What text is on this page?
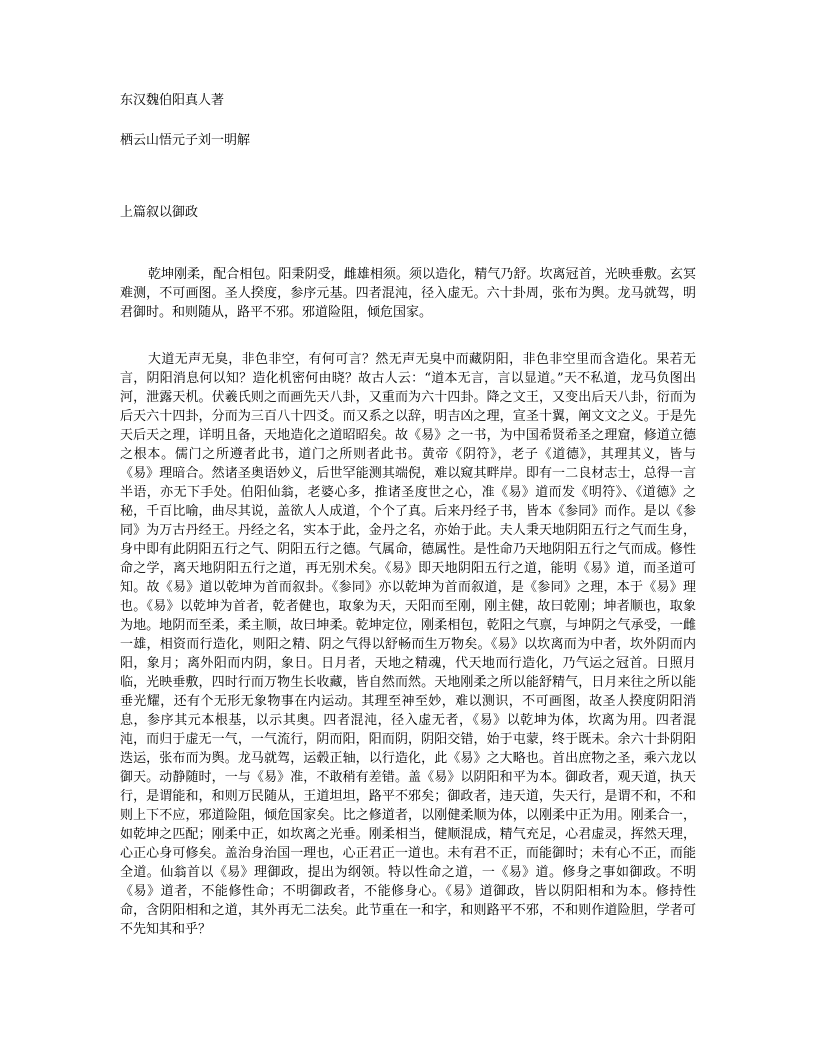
东汉魏伯阳真人著
栖云山悟元子刘一明解
上篇叙以御政

乾坤刚柔，配合相包。阳秉阴受，雌雄相须。须以造化，精气乃舒。坎离冠首，光映垂敷。玄冥难测，不可画图。圣人揆度，参序元基。四者混沌，径入虚无。六十卦周，张布为舆。龙马就驾，明君御时。和则随从，路平不邪。邪道险阻，倾危国家。

大道无声无臭，非色非空，有何可言？然无声无臭中而藏阴阳，非色非空里而含造化。果若无言，阴阳消息何以知？造化机密何由晓？故古人云：“道本无言，言以显道。”天不私道，龙马负图出河，泄露天机。伏羲氏则之而画先天八卦，又重而为六十四卦。降之文王，又变出后天八卦，衍而为后天六十四卦，分而为三百八十四爻。而又系之以辞，明吉凶之理，宣圣十翼，阐文文之义。于是先天后天之理，详明且备，天地造化之道昭昭矣。故《易》之一书，为中国希贤希圣之理窟，修道立德之根本。儒门之所遵者此书，道门之所则者此书。黄帝《阴符》，老子《道德》，其理其义，皆与《易》理暗合。然诸圣奥语妙义，后世罕能测其端倪，难以窥其畔岸。即有一二良材志士，总得一言半语，亦无下手处。伯阳仙翁，老婆心多，推诸圣度世之心，准《易》道而发《明符》、《道德》之秘，千百比喻，曲尽其说，盖欲人人成道，个个了真。后来丹经子书，皆本《参同》而作。是以《参同》为万古丹经王。丹经之名，实本于此，金丹之名，亦始于此。夫人秉天地阴阳五行之气而生身，身中即有此阴阳五行之气、阴阳五行之德。气属命，德属性。是性命乃天地阴阳五行之气而成。修性命之学，离天地阴阳五行之道，再无别术矣。《易》即天地阴阳五行之道，能明《易》道，而圣道可知。故《易》道以乾坤为首而叙卦。《参同》亦以乾坤为首而叙道，是《参同》之理，本于《易》理也。《易》以乾坤为首者，乾者健也，取象为天，天阳而至刚，刚主健，故曰乾刚；坤者顺也，取象为地。地阴而至柔，柔主顺，故曰坤柔。乾坤定位，刚柔相包，乾阳之气禀，与坤阴之气承受，一雌一雄，相资而行造化，则阳之精、阴之气得以舒畅而生万物矣。《易》以坎离而为中者，坎外阴而内阳，象月；离外阳而内阴，象日。日月者，天地之精魂，代天地而行造化，乃气运之冠首。日照月临，光映垂敷，四时行而万物生长收藏，皆自然而然。天地刚柔之所以能舒精气，日月来往之所以能垂光耀，还有个无形无象物事在内运动。其理至神至妙，难以测识，不可画图，故圣人揆度阴阳消息，参序其元本根基，以示其奥。四者混沌，径入虚无者，《易》以乾坤为体，坎离为用。四者混沌，而归于虚无一气，一气流行，阴而阳，阳而阴，阴阳交错，始于屯蒙，终于既未。余六十卦阴阳迭运，张布而为舆。龙马就驾，运毂正轴，以行造化，此《易》之大略也。首出庶物之圣，乘六龙以御天。动静随时，一与《易》准，不敢稍有差错。盖《易》以阴阳和平为本。御政者，观天道，执天行，是谓能和，和则万民随从，王道坦坦，路平不邪矣；御政者，违天道，失天行，是谓不和，不和则上下不应，邪道险阻，倾危国家矣。比之修道者，以刚健柔顺为体，以刚柔中正为用。刚柔合一，如乾坤之匹配；刚柔中正，如坎离之光垂。刚柔相当，健顺混成，精气充足，心君虚灵，挥然天理，心正心身可修矣。盖治身治国一理也，心正君正一道也。未有君不正，而能御时；未有心不正，而能全道。仙翁首以《易》理御政，提出为纲领。特以性命之道，一《易》道。修身之事如御政。不明《易》道者，不能修性命；不明御政者，不能修身心。《易》道御政，皆以阴阳相和为本。修持性命，含阴阳相和之道，其外再无二法矣。此节重在一和字，和则路平不邪，不和则作道险胆，学者可不先知其和乎？
